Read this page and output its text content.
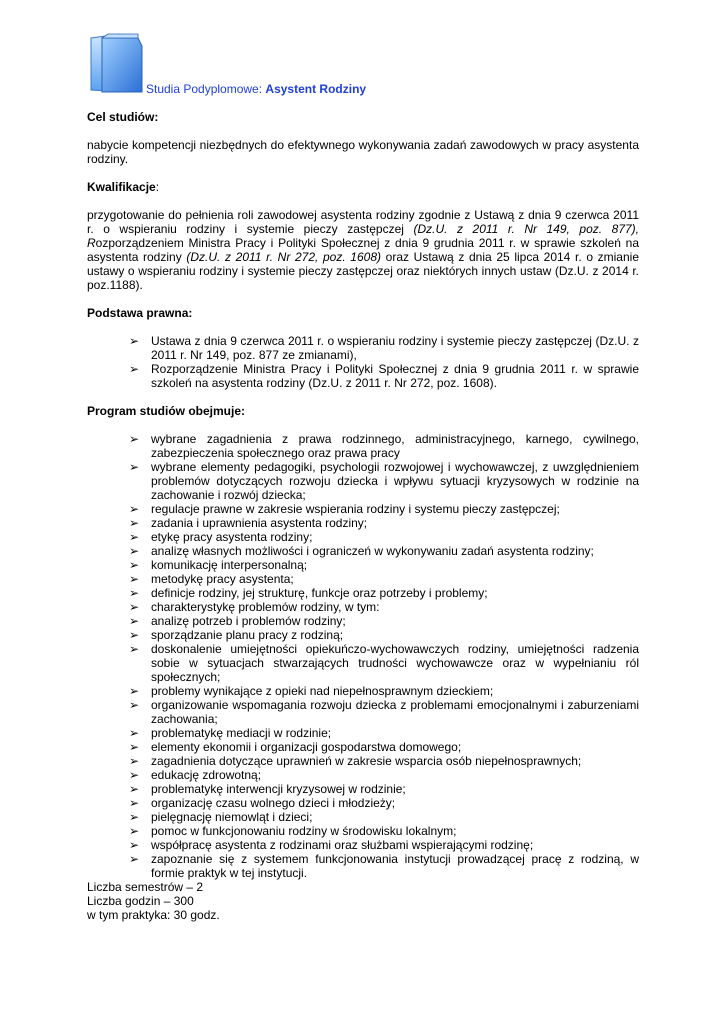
Studia Podyplomowe: Asystent Rodziny
Cel studiów:

nabycie kompetencji niezbędnych do efektywnego wykonywania zadań zawodowych w pracy asystenta rodziny.

Kwalifikacje:

przygotowanie do pełnienia roli zawodowej asystenta rodziny zgodnie z Ustawą z dnia 9 czerwca 2011 r. o wspieraniu rodziny i systemie pieczy zastępczej (Dz.U. z 2011 r. Nr 149, poz. 877), Rozporządzeniem Ministra Pracy i Polityki Społecznej z dnia 9 grudnia 2011 r. w sprawie szkoleń na asystenta rodziny (Dz.U. z 2011 r. Nr 272, poz. 1608) oraz Ustawą z dnia 25 lipca 2014 r. o zmianie ustawy o wspieraniu rodziny i systemie pieczy zastępczej oraz niektórych innych ustaw (Dz.U. z 2014 r. poz.1188).

Podstawa prawna:
➢ Ustawa z dnia 9 czerwca 2011 r. o wspieraniu rodziny i systemie pieczy zastępczej (Dz.U. z 2011 r. Nr 149, poz. 877 ze zmianami),
➢ Rozporządzenie Ministra Pracy i Polityki Społecznej z dnia 9 grudnia 2011 r. w sprawie szkoleń na asystenta rodziny (Dz.U. z 2011 r. Nr 272, poz. 1608).
Program studiów obejmuje:
➢ wybrane zagadnienia z prawa rodzinnego, administracyjnego, karnego, cywilnego, zabezpieczenia społecznego oraz prawa pracy
➢ wybrane elementy pedagogiki, psychologii rozwojowej i wychowawczej, z uwzględnieniem problemów dotyczących rozwoju dziecka i wpływu sytuacji kryzysowych w rodzinie na zachowanie i rozwój dziecka;
➢ regulacje prawne w zakresie wspierania rodziny i systemu pieczy zastępczej;
➢ zadania i uprawnienia asystenta rodziny;
➢ etykę pracy asystenta rodziny;
➢ analizę własnych możliwości i ograniczeń w wykonywaniu zadań asystenta rodziny;
➢ komunikację interpersonalną;
➢ metodykę pracy asystenta;
➢ definicje rodziny, jej strukturę, funkcje oraz potrzeby i problemy;
➢ charakterystykę problemów rodziny, w tym:
➢ analizę potrzeb i problemów rodziny;
➢ sporządzanie planu pracy z rodziną;
➢ doskonalenie umiejętności opiekuńczo-wychowawczych rodziny, umiejętności radzenia sobie w sytuacjach stwarzających trudności wychowawcze oraz w wypełnianiu ról społecznych;
➢ problemy wynikające z opieki nad niepełnosprawnym dzieckiem;
➢ organizowanie wspomagania rozwoju dziecka z problemami emocjonalnymi i zaburzeniami zachowania;
➢ problematykę mediacji w rodzinie;
➢ elementy ekonomii i organizacji gospodarstwa domowego;
➢ zagadnienia dotyczące uprawnień w zakresie wsparcia osób niepełnosprawnych;
➢ edukację zdrowotną;
➢ problematykę interwencji kryzysowej w rodzinie;
➢ organizację czasu wolnego dzieci i młodzieży;
➢ pielęgnację niemowląt i dzieci;
➢ pomoc w funkcjonowaniu rodziny w środowisku lokalnym;
➢ współpracę asystenta z rodzinami oraz służbami wspierającymi rodzinę;
➢ zapoznanie się z systemem funkcjonowania instytucji prowadzącej pracę z rodziną, w formie praktyk w tej instytucji.
Liczba semestrów – 2
Liczba godzin – 300
w tym praktyka: 30 godz.
